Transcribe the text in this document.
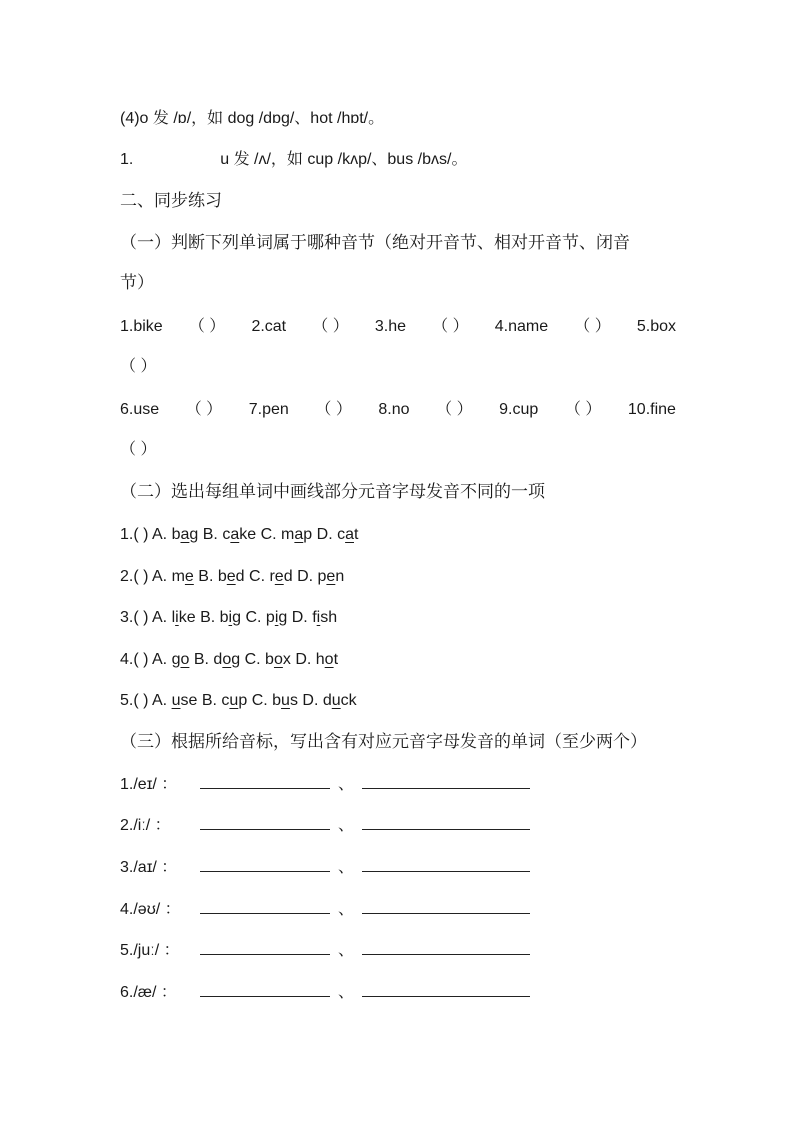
(4)o 发 /ɒ/，如 dog /dɒg/、hot /hɒt/。
1.	u 发 /ʌ/，如 cup /kʌp/、bus /bʌs/。
二、同步练习
（一）判断下列单词属于哪种音节（绝对开音节、相对开音节、闭音
节）
1.bike （ ） 2.cat （ ） 3.he （ ） 4.name （ ） 5.box
（ ）
6.use （ ） 7.pen （ ） 8.no （ ） 9.cup （ ） 10.fine
（ ）
（二）选出每组单词中画线部分元音字母发音不同的一项
1.( ) A. bag B. cake C. map D. cat
2.( ) A. me B. bed C. red D. pen
3.( ) A. like B. big C. pig D. fish
4.( ) A. go B. dog C. box D. hot
5.( ) A. use B. cup C. bus D. duck
（三）根据所给音标，写出含有对应元音字母发音的单词（至少两个）
1./eɪ/ ：	、
2./iː/ ：	、
3./aɪ/ ：	、
4./əʊ/ ：	、
5./juː/ ：	、
6./æ/ ：	、
